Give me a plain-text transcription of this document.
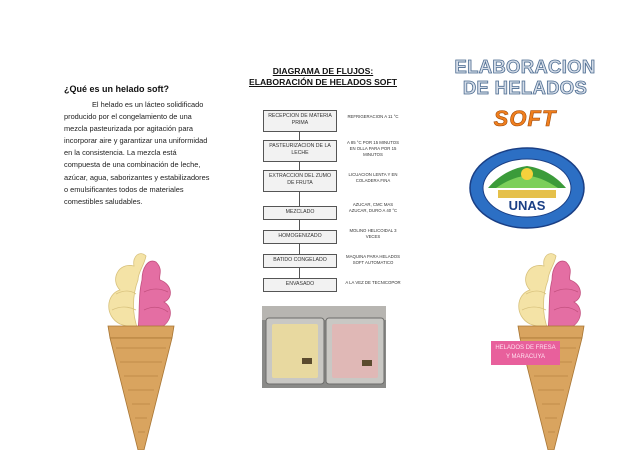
¿Qué es un helado soft?
El helado es un lácteo solidificado producido por el congelamiento de una mezcla pasteurizada por agitación para incorporar aire y garantizar una uniformidad en la consistencia. La mezcla está compuesta de una combinación de leche, azúcar, agua, saborizantes y estabilizadores o emulsificantes todos de materiales comestibles saludables.
DIAGRAMA DE FLUJOS:
ELABORACIÓN DE HELADOS SOFT
RECEPCION DE MATERIA PRIMA
PASTEURIZACION DE LA LECHE
EXTRACCION DEL ZUMO DE FRUTA
MEZCLADO
HOMOGENIZADO
BATIDO CONGELADO
ENVASADO
REFRIGERACION A 11 °C
A 85 °C POR 15 MINUTOS EN OLLA PARA POR 15 MINUTOS
LICUACION LENTA Y EN COLADERA FINA
AZUCAR, CMC MAS AZUCAR, DURO A 40 °C
MOLINO HELICOIDAL 3 VECES
MAQUINA PARA HELADOS SOFT AUTOMATICO
A LA VEZ DE TECNICOPOR
ELABORACION
DE HELADOS
SOFT
UNAS
HELADOS DE FRESA
Y MARACUYA
